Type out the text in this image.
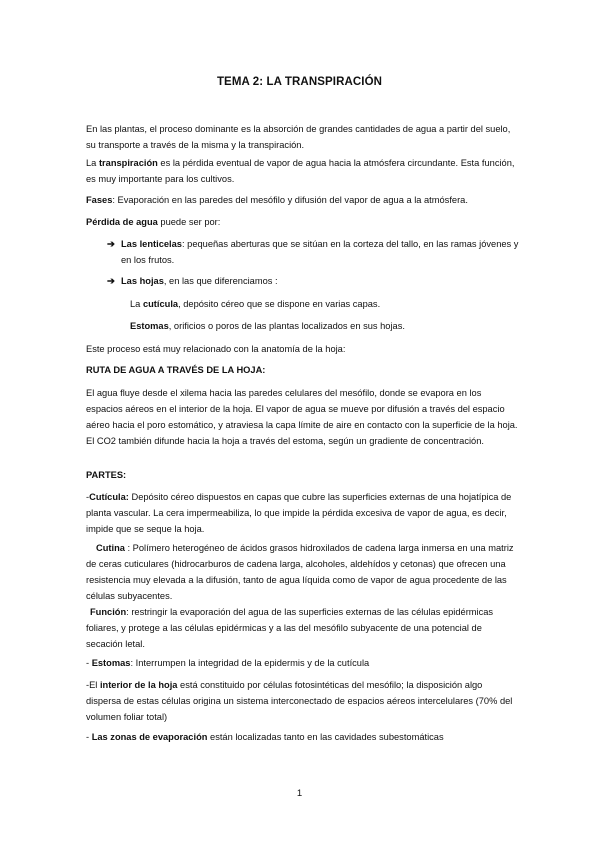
TEMA 2: LA TRANSPIRACIÓN

En las plantas, el proceso dominante es la absorción de grandes cantidades de agua a partir del suelo, su transporte a través de la misma y la transpiración.

La transpiración es la pérdida eventual de vapor de agua hacia la atmósfera circundante. Esta función, es muy importante para los cultivos.

Fases: Evaporación en las paredes del mesófilo y difusión del vapor de agua a la atmósfera.

Pérdida de agua puede ser por:

➔ Las lenticelas: pequeñas aberturas que se sitúan en la corteza del tallo, en las ramas jóvenes y en los frutos.
➔ Las hojas, en las que diferenciamos :

La cutícula, depósito céreo que se dispone en varias capas.

Estomas, orificios o poros de las plantas localizados en sus hojas.

Este proceso está muy relacionado con la anatomía de la hoja:

RUTA DE AGUA A TRAVÉS DE LA HOJA:

El agua fluye desde el xilema hacia las paredes celulares del mesófilo, donde se evapora en los espacios aéreos en el interior de la hoja. El vapor de agua se mueve por difusión a través del espacio aéreo hacia el poro estomático, y atraviesa la capa límite de aire en contacto con la superficie de la hoja. El CO2 también difunde hacia la hoja a través del estoma, según un gradiente de concentración.

PARTES:

-Cutícula: Depósito céreo dispuestos en capas que cubre las superficies externas de una hojatípica de planta vascular. La cera impermeabiliza, lo que impide la pérdida excesiva de vapor de agua, es decir, impide que se seque la hoja.

Cutina : Polímero heterogéneo de ácidos grasos hidroxilados de cadena larga inmersa en una matriz de ceras cuticulares (hidrocarburos de cadena larga, alcoholes, aldehídos y cetonas) que ofrecen una resistencia muy elevada a la difusión, tanto de agua líquida como de vapor de agua procedente de las células subyacentes.

Función: restringir la evaporación del agua de las superficies externas de las células epidérmicas foliares, y protege a las células epidérmicas y a las del mesófilo subyacente de una potencial de secación letal.

- Estomas: Interrumpen la integridad de la epidermis y de la cutícula

-El interior de la hoja está constituido por células fotosintéticas del mesófilo; la disposición algo dispersa de estas células origina un sistema interconectado de espacios aéreos intercelulares (70% del volumen foliar total)

- Las zonas de evaporación están localizadas tanto en las cavidades subestomáticas

1
